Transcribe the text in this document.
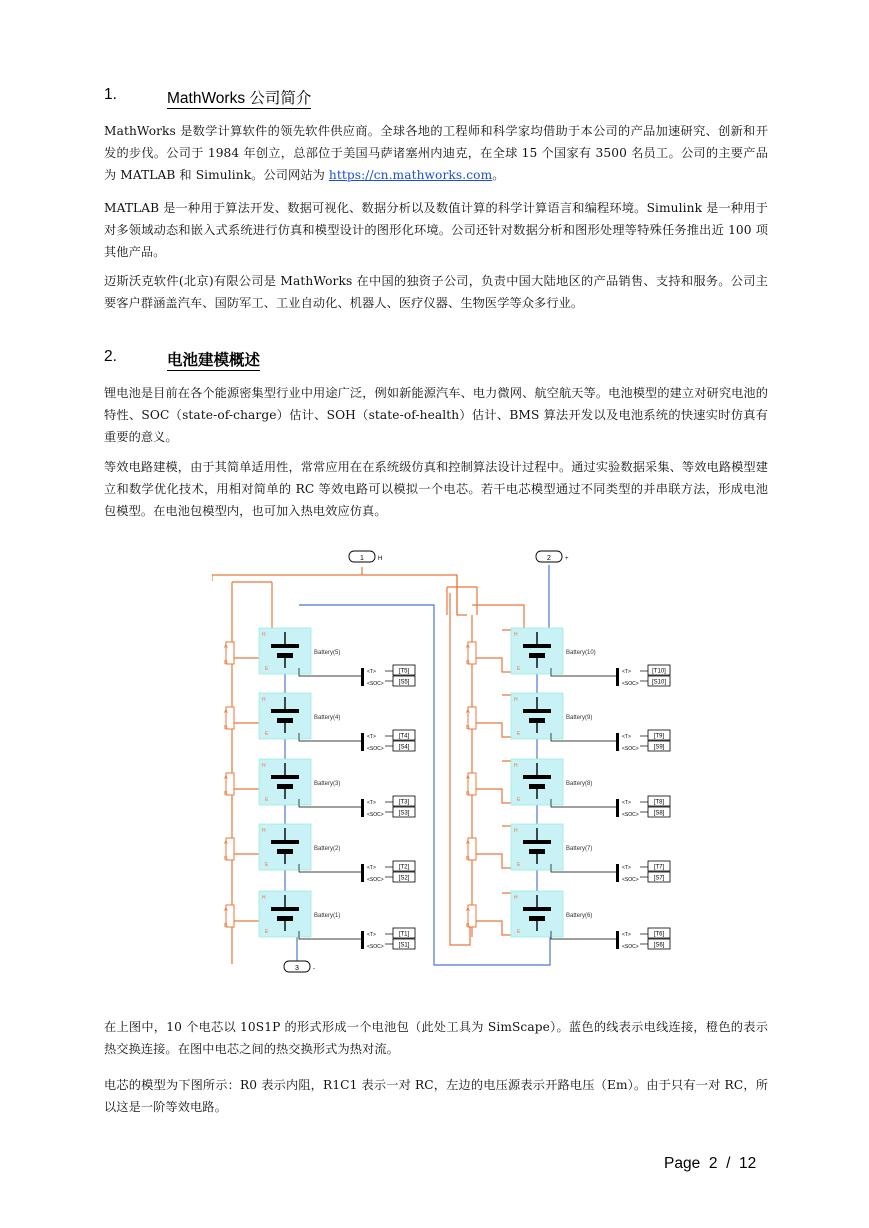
1.	MathWorks 公司简介
MathWorks 是数学计算软件的领先软件供应商。全球各地的工程师和科学家均借助于本公司的产品加速研究、创新和开发的步伐。公司于 1984 年创立，总部位于美国马萨诸塞州内迪克，在全球 15 个国家有 3500 名员工。公司的主要产品为 MATLAB 和 Simulink。公司网站为 https://cn.mathworks.com。
MATLAB 是一种用于算法开发、数据可视化、数据分析以及数值计算的科学计算语言和编程环境。Simulink 是一种用于对多领域动态和嵌入式系统进行仿真和模型设计的图形化环境。公司还针对数据分析和图形处理等特殊任务推出近 100 项其他产品。
迈斯沃克软件(北京)有限公司是 MathWorks 在中国的独资子公司，负责中国大陆地区的产品销售、支持和服务。公司主要客户群涵盖汽车、国防军工、工业自动化、机器人、医疗仪器、生物医学等众多行业。
2.	电池建模概述
锂电池是目前在各个能源密集型行业中用途广泛，例如新能源汽车、电力微网、航空航天等。电池模型的建立对研究电池的特性、SOC（state-of-charge）估计、SOH（state-of-health）估计、BMS 算法开发以及电池系统的快速实时仿真有重要的意义。
等效电路建模，由于其简单适用性，常常应用在在系统级仿真和控制算法设计过程中。通过实验数据采集、等效电路模型建立和数学优化技术，用相对简单的 RC 等效电路可以模拟一个电芯。若干电芯模型通过不同类型的并串联方法，形成电池包模型。在电池包模型内，也可加入热电效应仿真。
1 H	2 +
3 -
A
B
H
E
Battery(5)
<T>
<SOC>
[T5]
[S5]
A
B
H
E
Battery(4)
<T>
<SOC>
[T4]
[S4]
A
B
H
E
Battery(3)
<T>
<SOC>
[T3]
[S3]
A
B
H
E
Battery(2)
<T>
<SOC>
[T2]
[S2]
A
B
H
E
Battery(1)
<T>
<SOC>
[T1]
[S1]
A
B
H
E
Battery(10)
<T>
<SOC>
[T10]
[S10]
A
B
H
E
Battery(9)
<T>
<SOC>
[T9]
[S9]
A
B
H
E
Battery(8)
<T>
<SOC>
[T8]
[S8]
A
B
H
E
Battery(7)
<T>
<SOC>
[T7]
[S7]
A
B
H
E
Battery(6)
<T>
<SOC>
[T6]
[S6]
在上图中，10 个电芯以 10S1P 的形式形成一个电池包（此处工具为 SimScape）。蓝色的线表示电线连接，橙色的表示热交换连接。在图中电芯之间的热交换形式为热对流。
电芯的模型为下图所示：R0 表示内阻，R1C1 表示一对 RC，左边的电压源表示开路电压（Em）。由于只有一对 RC，所以这是一阶等效电路。
Page 2 / 12
